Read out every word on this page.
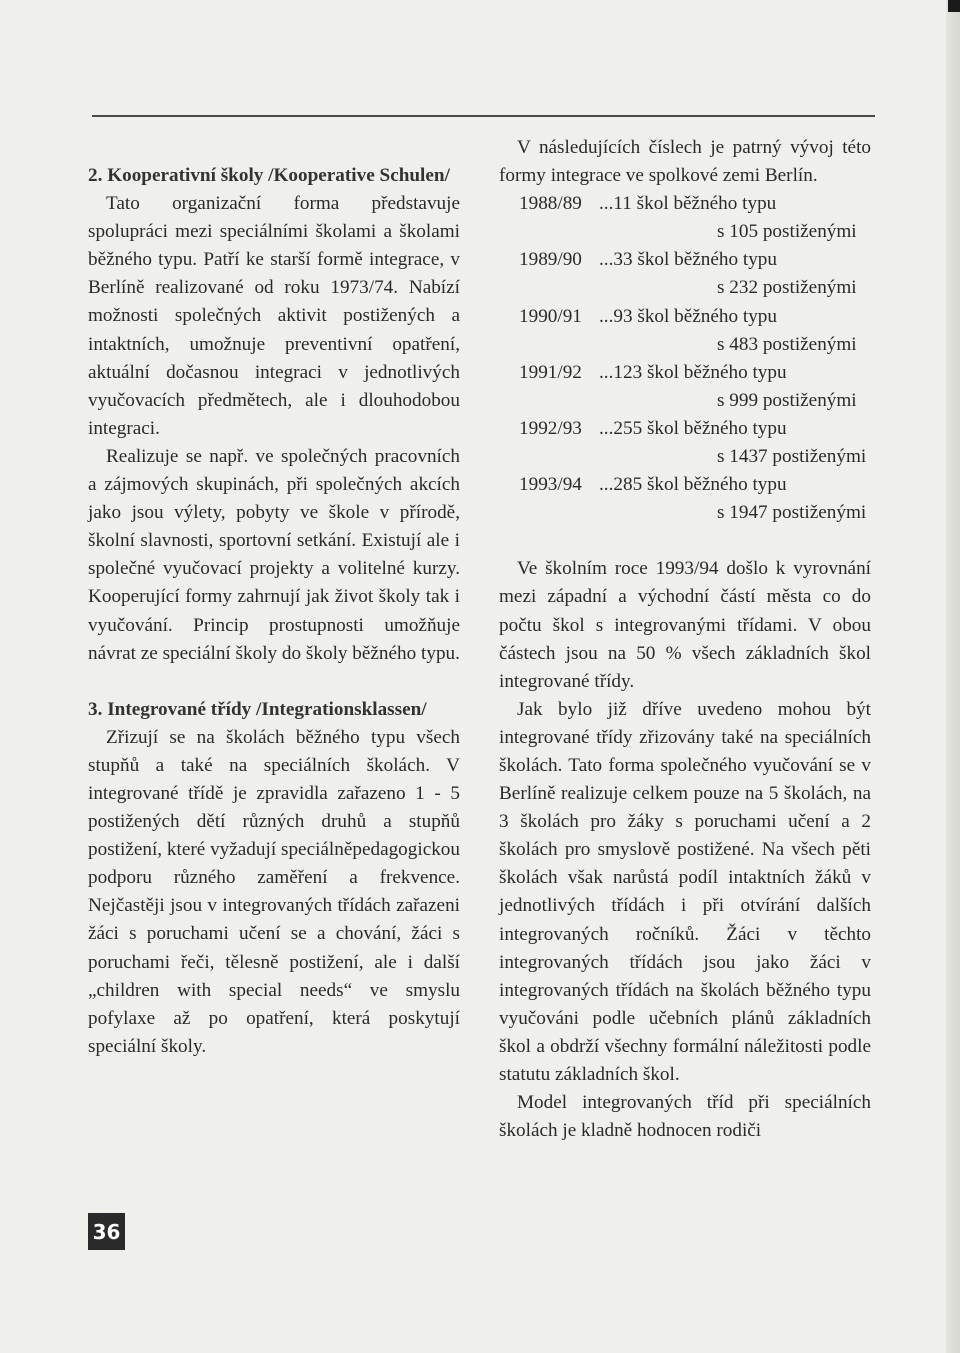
2. Kooperativní školy /Kooperative Schulen/

Tato organizační forma představuje spolupráci mezi speciálními školami a školami běžného typu. Patří ke starší formě integrace, v Berlíně realizované od roku 1973/74. Nabízí možnosti společných aktivit postižených a intaktních, umožnuje preventivní opatření, aktuální dočasnou integraci v jednotlivých vyučovacích předmětech, ale i dlouhodobou integraci.

Realizuje se např. ve společných pracovních a zájmových skupinách, při společných akcích jako jsou výlety, pobyty ve škole v přírodě, školní slavnosti, sportovní setkání. Existují ale i společné vyučovací projekty a volitelné kurzy. Kooperující formy zahrnují jak život školy tak i vyučování. Princip prostupnosti umožňuje návrat ze speciální školy do školy běžného typu.

3. Integrované třídy /Integrationsklassen/

Zřizují se na školách běžného typu všech stupňů a také na speciálních školách. V integrované třídě je zpravidla zařazeno 1 - 5 postižených dětí různých druhů a stupňů postižení, které vyžadují speciálněpedagogickou podporu různého zaměření a frekvence. Nejčastěji jsou v integrovaných třídách zařazeni žáci s poruchami učení se a chování, žáci s poruchami řeči, tělesně postižení, ale i další „children with special needs“ ve smyslu pofylaxe až po opatření, která poskytují speciální školy.

V následujících číslech je patrný vývoj této formy integrace ve spolkové zemi Berlín.

1988/89 ...11 škol běžného typu
s 105 postiženými
1989/90 ...33 škol běžného typu
s 232 postiženými
1990/91 ...93 škol běžného typu
s 483 postiženými
1991/92 ...123 škol běžného typu
s 999 postiženými
1992/93 ...255 škol běžného typu
s 1437 postiženými
1993/94 ...285 škol běžného typu
s 1947 postiženými

Ve školním roce 1993/94 došlo k vyrovnání mezi západní a východní částí města co do počtu škol s integrovanými třídami. V obou částech jsou na 50 % všech základních škol integrované třídy.

Jak bylo již dříve uvedeno mohou být integrované třídy zřizovány také na speciálních školách. Tato forma společného vyučování se v Berlíně realizuje celkem pouze na 5 školách, na 3 školách pro žáky s poruchami učení a 2 školách pro smyslově postižené. Na všech pěti školách však narůstá podíl intaktních žáků v jednotlivých třídách i při otvírání dalších integrovaných ročníků. Žáci v těchto integrovaných třídách jsou jako žáci v integrovaných třídách na školách běžného typu vyučováni podle učebních plánů základních škol a obdrží všechny formální náležitosti podle statutu základních škol.

Model integrovaných tříd při speciálních školách je kladně hodnocen rodiči

36
